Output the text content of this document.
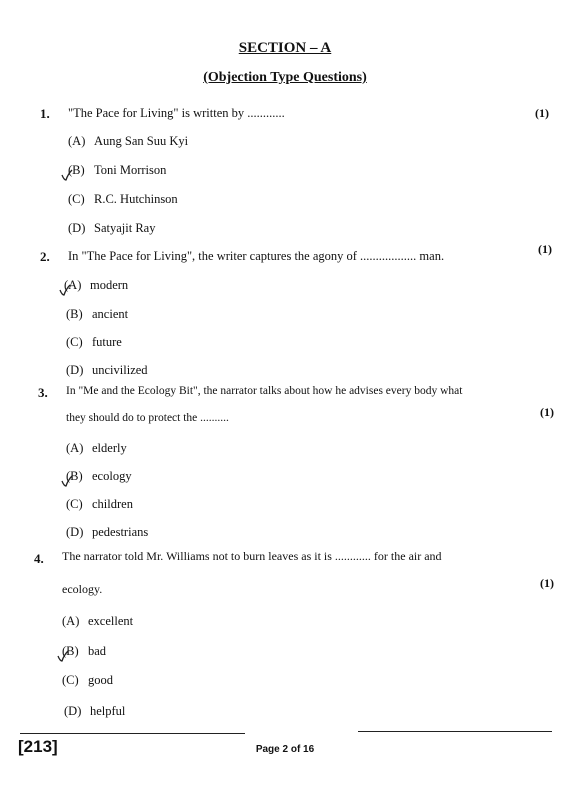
SECTION – A
(Objection Type Questions)
1. "The Pace for Living" is written by ............	(1)
(A) Aung San Suu Kyi
(B) Toni Morrison
(C) R.C. Hutchinson
(D) Satyajit Ray
2. In "The Pace for Living", the writer captures the agony of .................. man.	(1)
(A) modern
(B) ancient
(C) future
(D) uncivilized
3. In "Me and the Ecology Bit", the narrator talks about how he advises every body what
they should do to protect the ..........	(1)
(A) elderly
(B) ecology
(C) children
(D) pedestrians
4. The narrator told Mr. Williams not to burn leaves as it is ............ for the air and
ecology.	(1)
(A) excellent
(B) bad
(C) good
(D) helpful
[213]	Page 2 of 16
